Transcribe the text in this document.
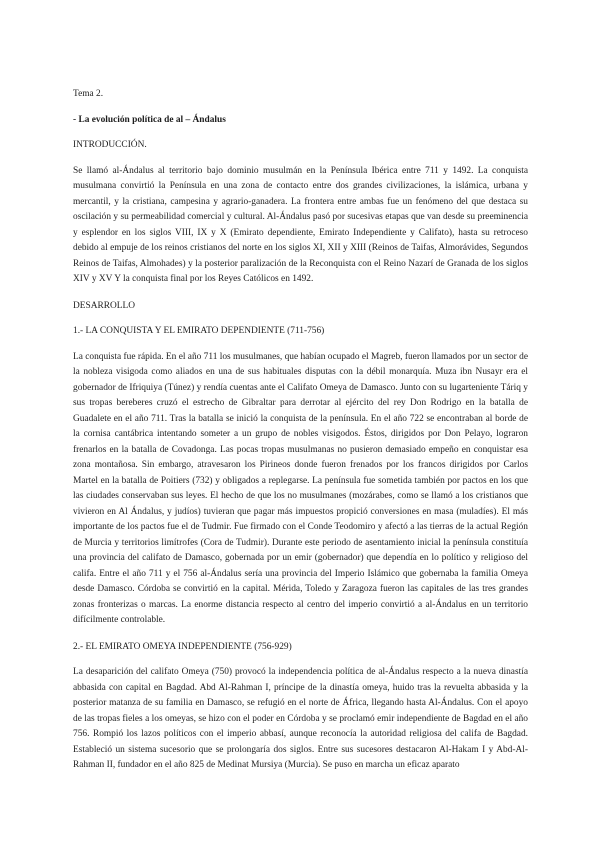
Tema 2.

- La evolución política de al – Ándalus

INTRODUCCIÓN.

Se llamó al-Ándalus al territorio bajo dominio musulmán en la Península Ibérica entre 711 y 1492. La conquista musulmana convirtió la Península en una zona de contacto entre dos grandes civilizaciones, la islámica, urbana y mercantil, y la cristiana, campesina y agrario-ganadera. La frontera entre ambas fue un fenómeno del que destaca su oscilación y su permeabilidad comercial y cultural. Al-Ándalus pasó por sucesivas etapas que van desde su preeminencia y esplendor en los siglos VIII, IX y X (Emirato dependiente, Emirato Independiente y Califato), hasta su retroceso debido al empuje de los reinos cristianos del norte en los siglos XI, XII y XIII (Reinos de Taifas, Almorávides, Segundos Reinos de Taifas, Almohades) y la posterior paralización de la Reconquista con el Reino Nazarí de Granada de los siglos XIV y XV Y la conquista final por los Reyes Católicos en 1492.

DESARROLLO

1.- LA CONQUISTA Y EL EMIRATO DEPENDIENTE (711-756)

La conquista fue rápida. En el año 711 los musulmanes, que habían ocupado el Magreb, fueron llamados por un sector de la nobleza visigoda como aliados en una de sus habituales disputas con la débil monarquía. Muza ibn Nusayr era el gobernador de Ifriquiya (Túnez) y rendía cuentas ante el Califato Omeya de Damasco. Junto con su lugarteniente Táriq y sus tropas bereberes cruzó el estrecho de Gibraltar para derrotar al ejército del rey Don Rodrigo en la batalla de Guadalete en el año 711. Tras la batalla se inició la conquista de la península. En el año 722 se encontraban al borde de la cornisa cantábrica intentando someter a un grupo de nobles visigodos. Éstos, dirigidos por Don Pelayo, lograron frenarlos en la batalla de Covadonga. Las pocas tropas musulmanas no pusieron demasiado empeño en conquistar esa zona montañosa. Sin embargo, atravesaron los Pirineos donde fueron frenados por los francos dirigidos por Carlos Martel en la batalla de Poitiers (732) y obligados a replegarse. La península fue sometida también por pactos en los que las ciudades conservaban sus leyes. El hecho de que los no musulmanes (mozárabes, como se llamó a los cristianos que vivieron en Al Ándalus, y judíos) tuvieran que pagar más impuestos propició conversiones en masa (muladíes). El más importante de los pactos fue el de Tudmir. Fue firmado con el Conde Teodomiro y afectó a las tierras de la actual Región de Murcia y territorios limítrofes (Cora de Tudmir). Durante este periodo de asentamiento inicial la península constituía una provincia del califato de Damasco, gobernada por un emir (gobernador) que dependía en lo político y religioso del califa. Entre el año 711 y el 756 al-Ándalus sería una provincia del Imperio Islámico que gobernaba la familia Omeya desde Damasco. Córdoba se convirtió en la capital. Mérida, Toledo y Zaragoza fueron las capitales de las tres grandes zonas fronterizas o marcas. La enorme distancia respecto al centro del imperio convirtió a al-Ándalus en un territorio difícilmente controlable.

2.- EL EMIRATO OMEYA INDEPENDIENTE (756-929)

La desaparición del califato Omeya (750) provocó la independencia política de al-Ándalus respecto a la nueva dinastía abbasida con capital en Bagdad. Abd Al-Rahman I, príncipe de la dinastía omeya, huido tras la revuelta abbasida y la posterior matanza de su familia en Damasco, se refugió en el norte de África, llegando hasta Al-Ándalus. Con el apoyo de las tropas fieles a los omeyas, se hizo con el poder en Córdoba y se proclamó emir independiente de Bagdad en el año 756. Rompió los lazos políticos con el imperio abbasí, aunque reconocía la autoridad religiosa del califa de Bagdad. Estableció un sistema sucesorio que se prolongaría dos siglos. Entre sus sucesores destacaron Al-Hakam I y Abd-Al-Rahman II, fundador en el año 825 de Medinat Mursiya (Murcia). Se puso en marcha un eficaz aparato
